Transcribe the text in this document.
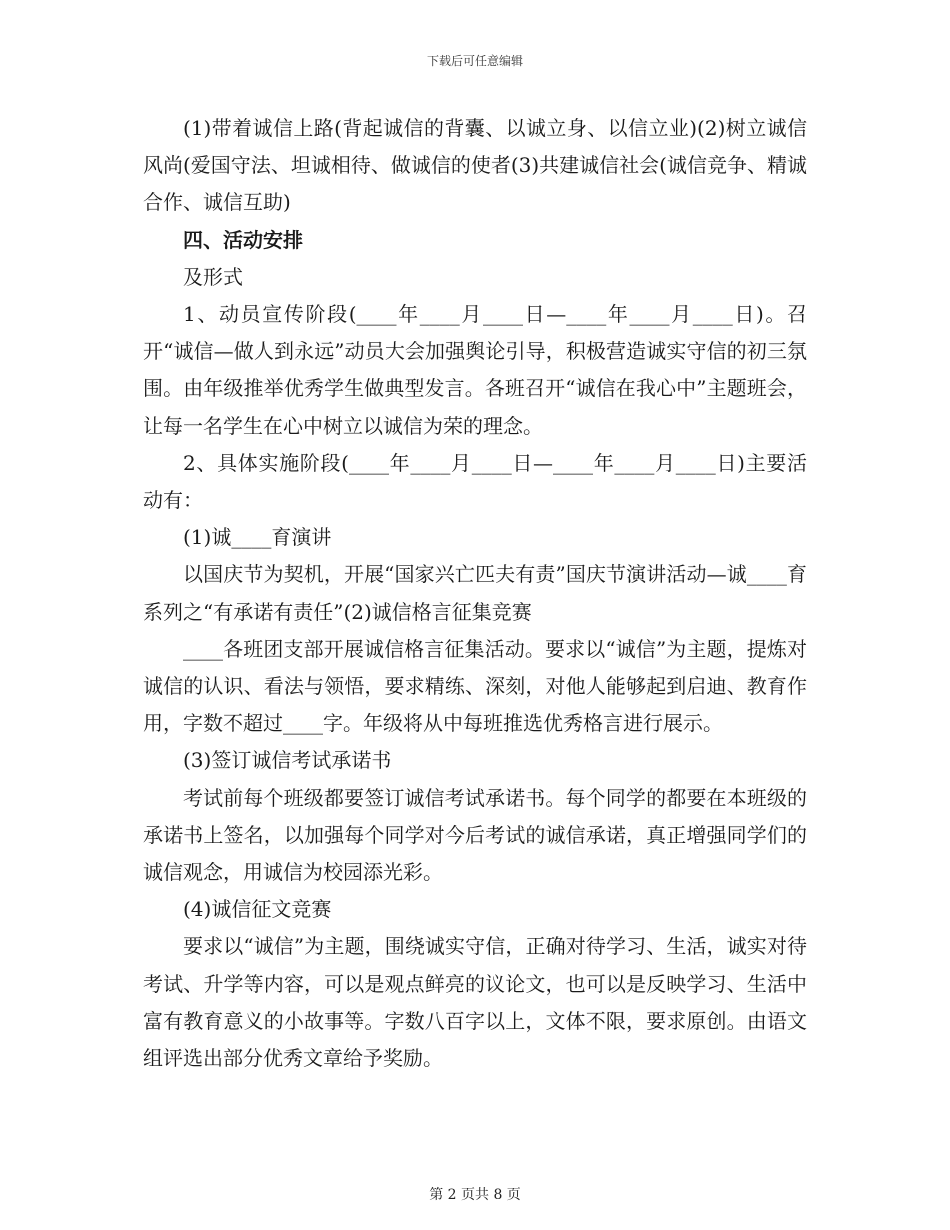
下载后可任意编辑

(1)带着诚信上路(背起诚信的背囊、以诚立身、以信立业)(2)树立诚信风尚(爱国守法、坦诚相待、做诚信的使者(3)共建诚信社会(诚信竞争、精诚合作、诚信互助)

四、活动安排

及形式

1、动员宣传阶段(____年____月____日—____年____月____日)。召开“诚信—做人到永远”动员大会加强舆论引导，积极营造诚实守信的初三氛围。由年级推举优秀学生做典型发言。各班召开“诚信在我心中”主题班会，让每一名学生在心中树立以诚信为荣的理念。

2、具体实施阶段(____年____月____日—____年____月____日)主要活动有：

(1)诚____育演讲

以国庆节为契机，开展“国家兴亡匹夫有责”国庆节演讲活动—诚____育系列之“有承诺有责任”(2)诚信格言征集竞赛

____各班团支部开展诚信格言征集活动。要求以“诚信”为主题，提炼对诚信的认识、看法与领悟，要求精练、深刻，对他人能够起到启迪、教育作用，字数不超过____字。年级将从中每班推选优秀格言进行展示。

(3)签订诚信考试承诺书

考试前每个班级都要签订诚信考试承诺书。每个同学的都要在本班级的承诺书上签名，以加强每个同学对今后考试的诚信承诺，真正增强同学们的诚信观念，用诚信为校园添光彩。

(4)诚信征文竞赛

要求以“诚信”为主题，围绕诚实守信，正确对待学习、生活，诚实对待考试、升学等内容，可以是观点鲜亮的议论文，也可以是反映学习、生活中富有教育意义的小故事等。字数八百字以上，文体不限，要求原创。由语文组评选出部分优秀文章给予奖励。

第 2 页共 8 页
